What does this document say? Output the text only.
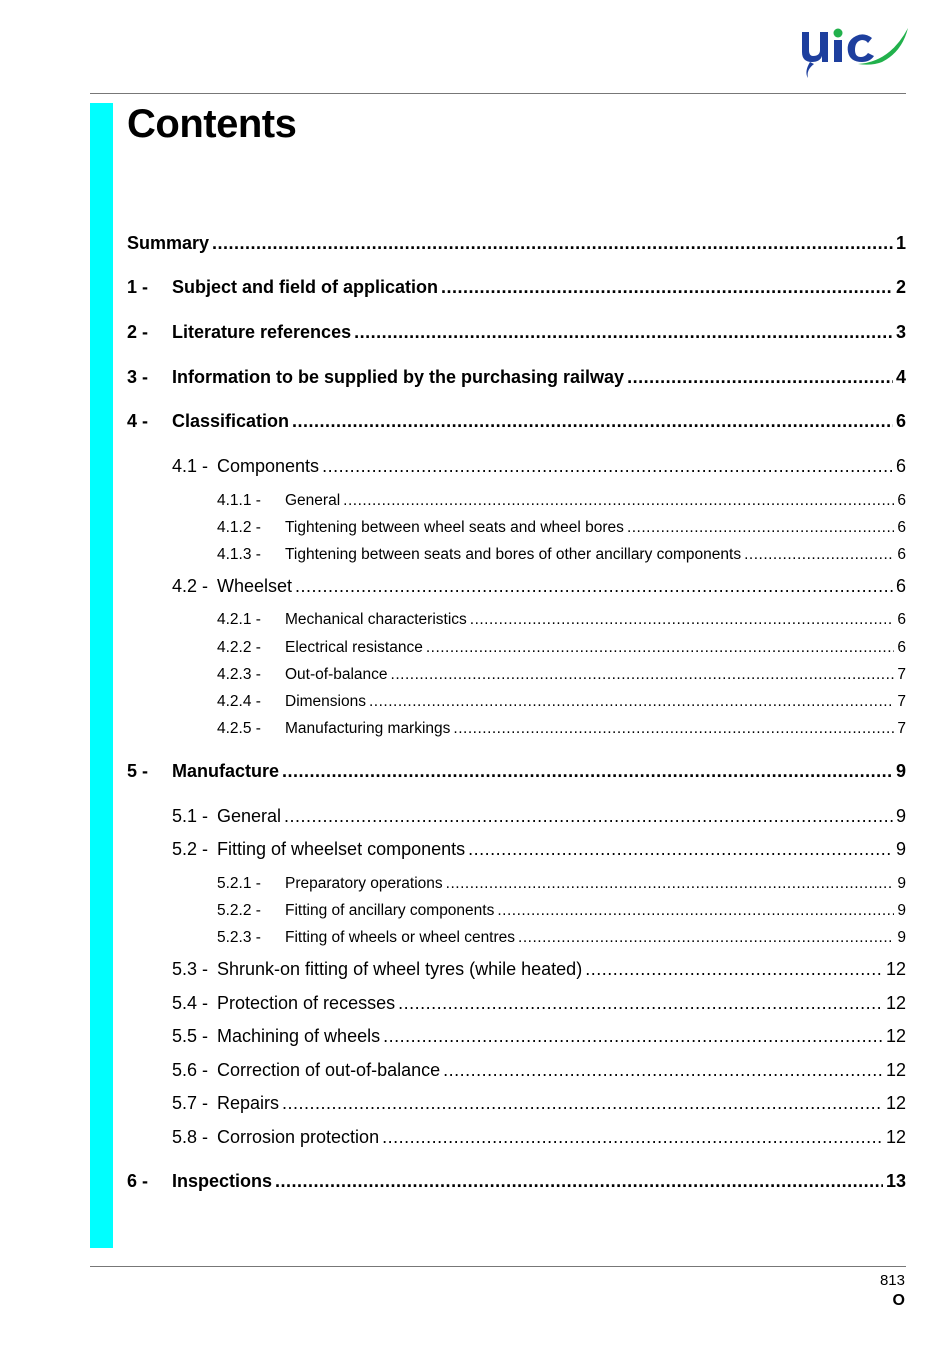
Contents
Summary .....	1
1 -	Subject and field of application .....	2
2 -	Literature references .....	3
3 -	Information to be supplied by the purchasing railway .....	4
4 -	Classification .....	6
4.1 - Components .....	6
4.1.1 -	General .....	6
4.1.2 -	Tightening between wheel seats and wheel bores .....	6
4.1.3 -	Tightening between seats and bores of other ancillary components .....	6
4.2 - Wheelset .....	6
4.2.1 -	Mechanical characteristics .....	6
4.2.2 -	Electrical resistance .....	6
4.2.3 -	Out-of-balance .....	7
4.2.4 -	Dimensions .....	7
4.2.5 -	Manufacturing markings .....	7
5 -	Manufacture .....	9
5.1 - General .....	9
5.2 - Fitting of wheelset components .....	9
5.2.1 -	Preparatory operations .....	9
5.2.2 -	Fitting of ancillary components .....	9
5.2.3 -	Fitting of wheels or wheel centres .....	9
5.3 - Shrunk-on fitting of wheel tyres (while heated) .....	12
5.4 - Protection of recesses .....	12
5.5 - Machining of wheels .....	12
5.6 - Correction of out-of-balance .....	12
5.7 - Repairs .....	12
5.8 - Corrosion protection .....	12
6 -	Inspections .....	13
813
O
